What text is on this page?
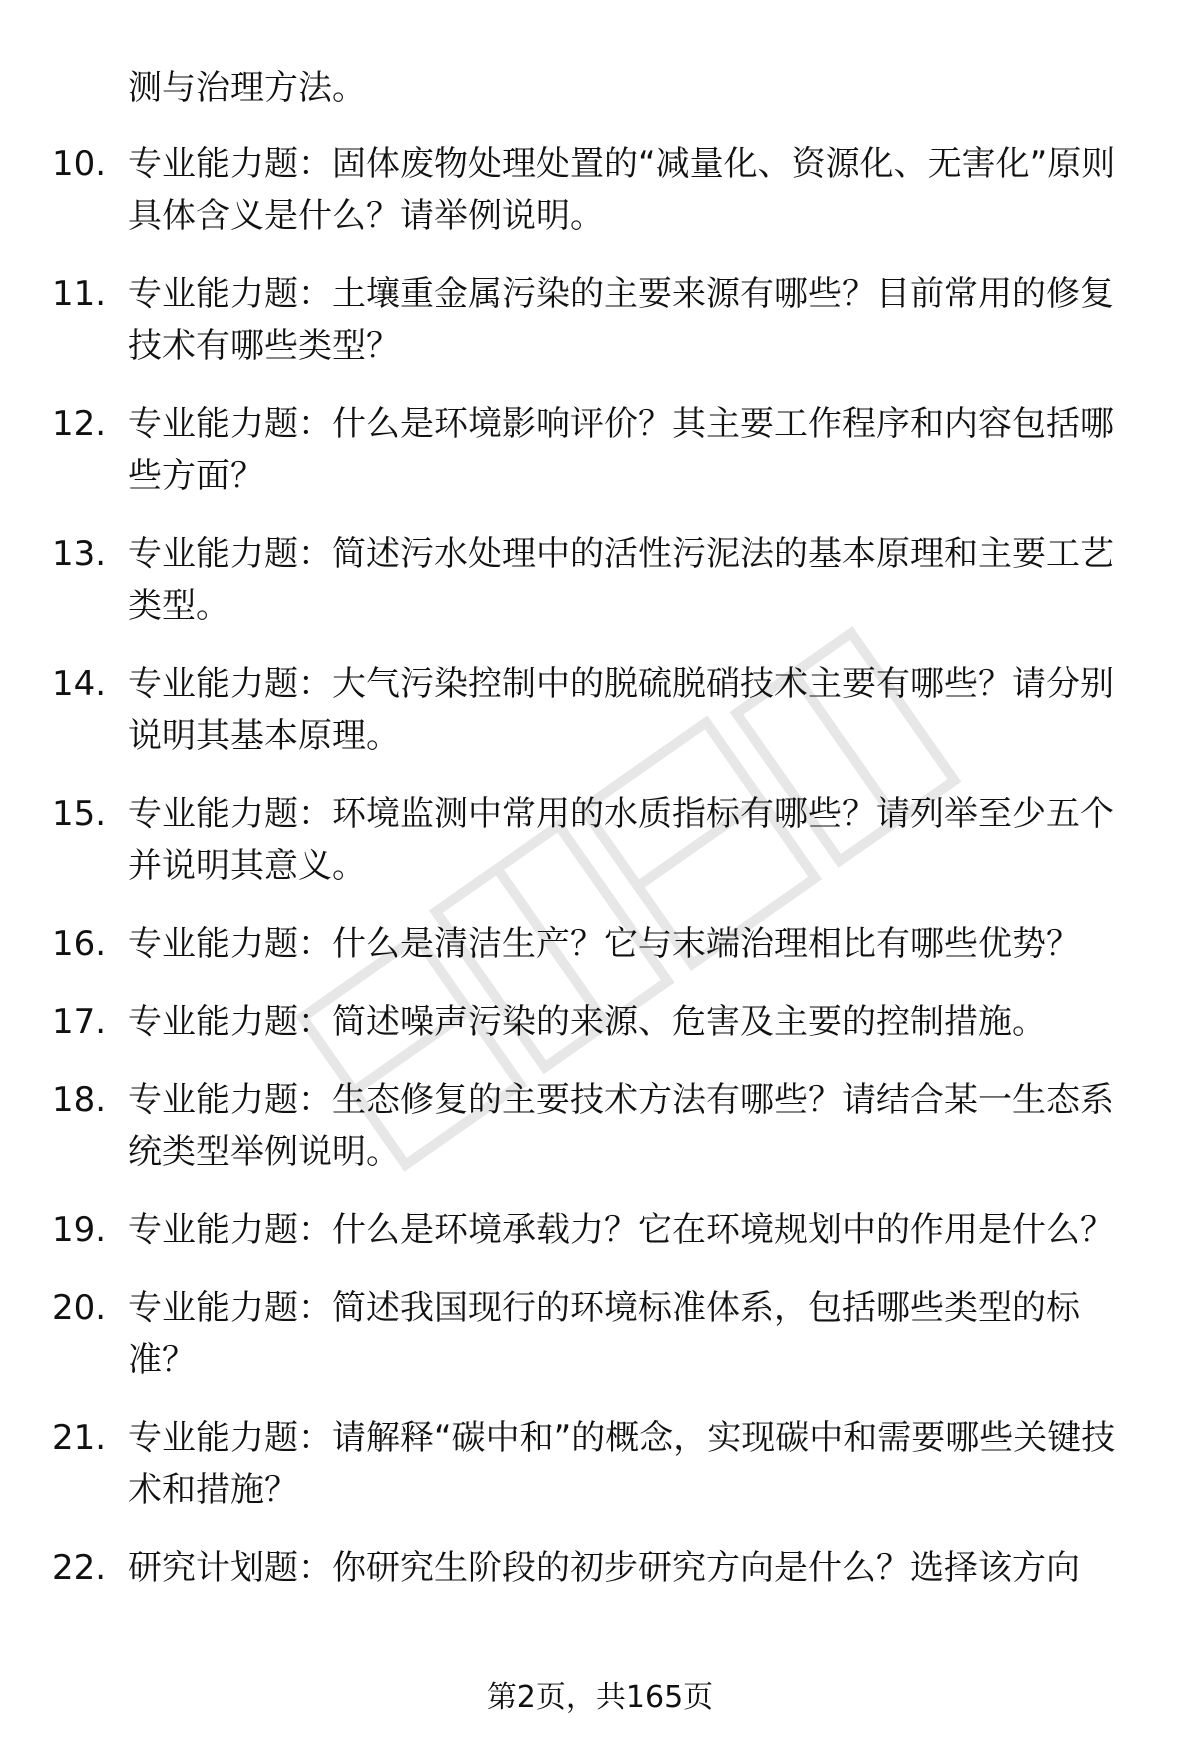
测与治理方法。

10. 专业能力题：固体废物处理处置的“减量化、资源化、无害化”原则具体含义是什么？请举例说明。
11. 专业能力题：土壤重金属污染的主要来源有哪些？目前常用的修复技术有哪些类型？
12. 专业能力题：什么是环境影响评价？其主要工作程序和内容包括哪些方面？
13. 专业能力题：简述污水处理中的活性污泥法的基本原理和主要工艺类型。
14. 专业能力题：大气污染控制中的脱硫脱硝技术主要有哪些？请分别说明其基本原理。
15. 专业能力题：环境监测中常用的水质指标有哪些？请列举至少五个并说明其意义。
16. 专业能力题：什么是清洁生产？它与末端治理相比有哪些优势？
17. 专业能力题：简述噪声污染的来源、危害及主要的控制措施。
18. 专业能力题：生态修复的主要技术方法有哪些？请结合某一生态系统类型举例说明。
19. 专业能力题：什么是环境承载力？它在环境规划中的作用是什么？
20. 专业能力题：简述我国现行的环境标准体系，包括哪些类型的标准？
21. 专业能力题：请解释“碳中和”的概念，实现碳中和需要哪些关键技术和措施？
22. 研究计划题：你研究生阶段的初步研究方向是什么？选择该方向
第2页，共165页
